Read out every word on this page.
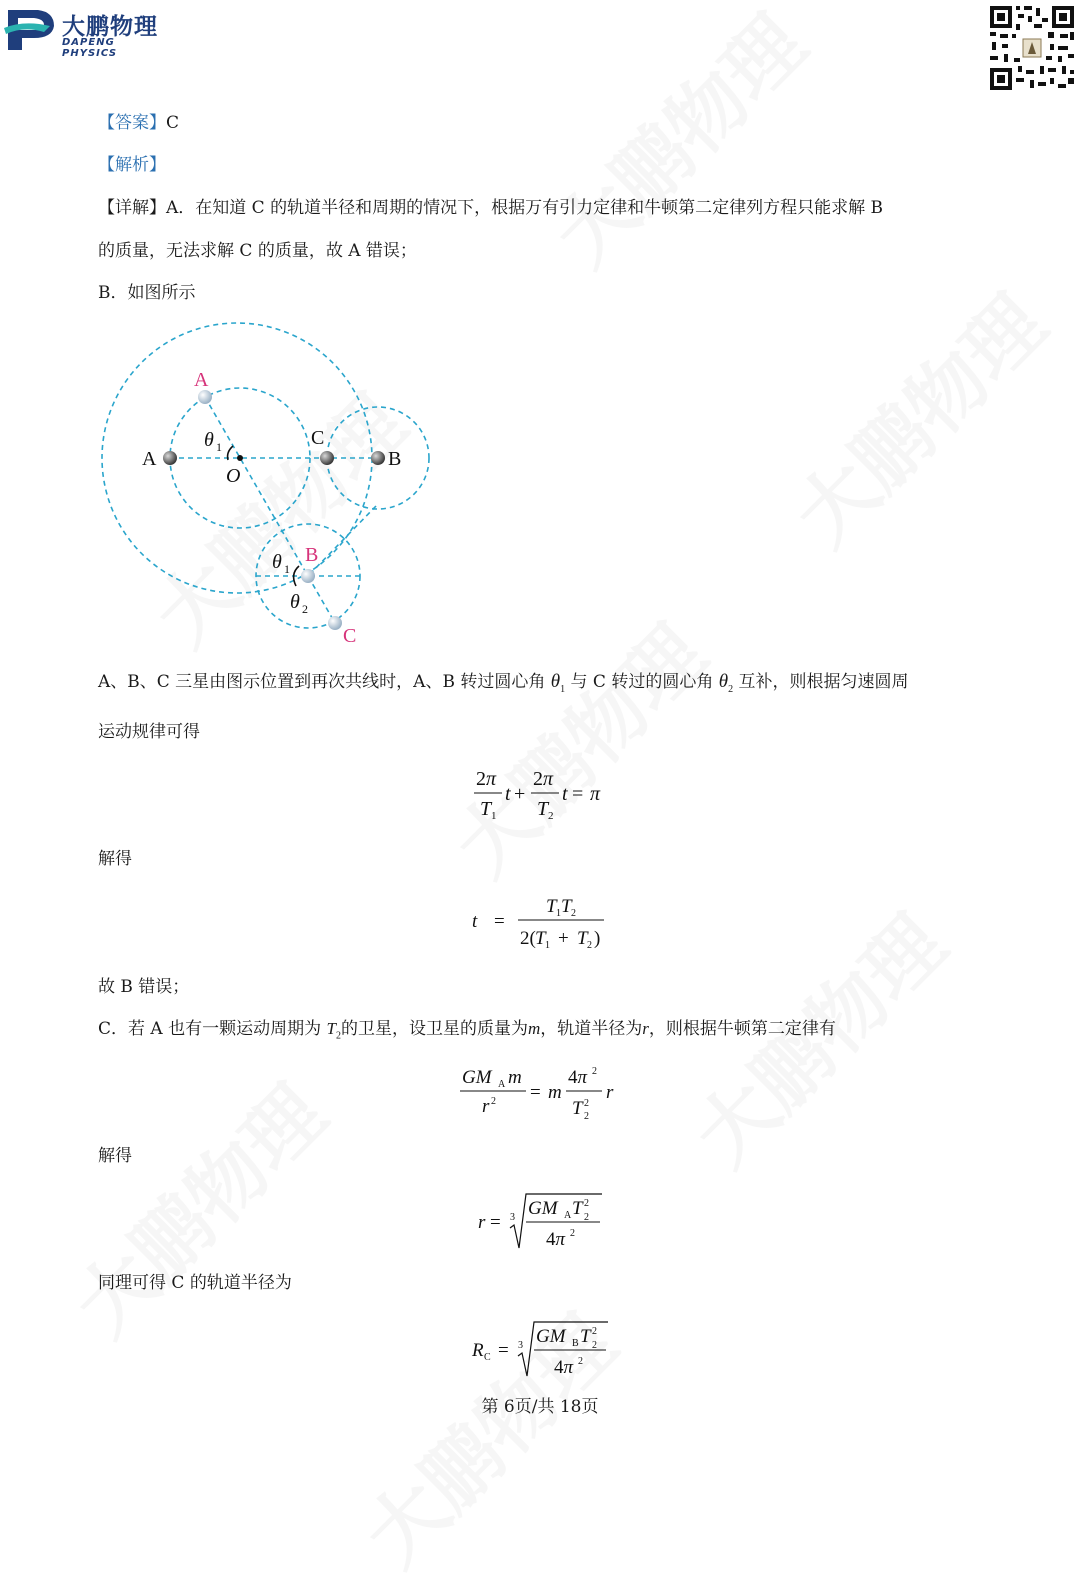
大鹏物理
DAPENG PHYSICS
【答案】C
【解析】
【详解】A．在知道 C 的轨道半径和周期的情况下，根据万有引力定律和牛顿第二定律列方程只能求解 B
的质量，无法求解 C 的质量，故 A 错误；
B．如图所示
A
A
C
B
O
θ 1
B
θ 1
θ 2
C
A、B、C 三星由图示位置到再次共线时，A、B 转过圆心角 $\theta_1$ 与 C 转过的圆心角 $\theta_2$ 互补，则根据匀速圆周
运动规律可得
2π
T 1
t +
2π
T 2
t = π
解得
t =
T 1 T 2
2( T 1 + T 2 )
故 B 错误；
C．若 A 也有一颗运动周期为 $T_2$的卫星，设卫星的质量为m，轨道半径为r，则根据牛顿第二定律有
GM A m
r 2 = m
4π 2
T 2
2
r
解得
r = 3 GM A T 2
2
4π 2
同理可得 C 的轨道半径为
R C = 3 GM B T 2
2
4π 2
第 6页/共 18页
